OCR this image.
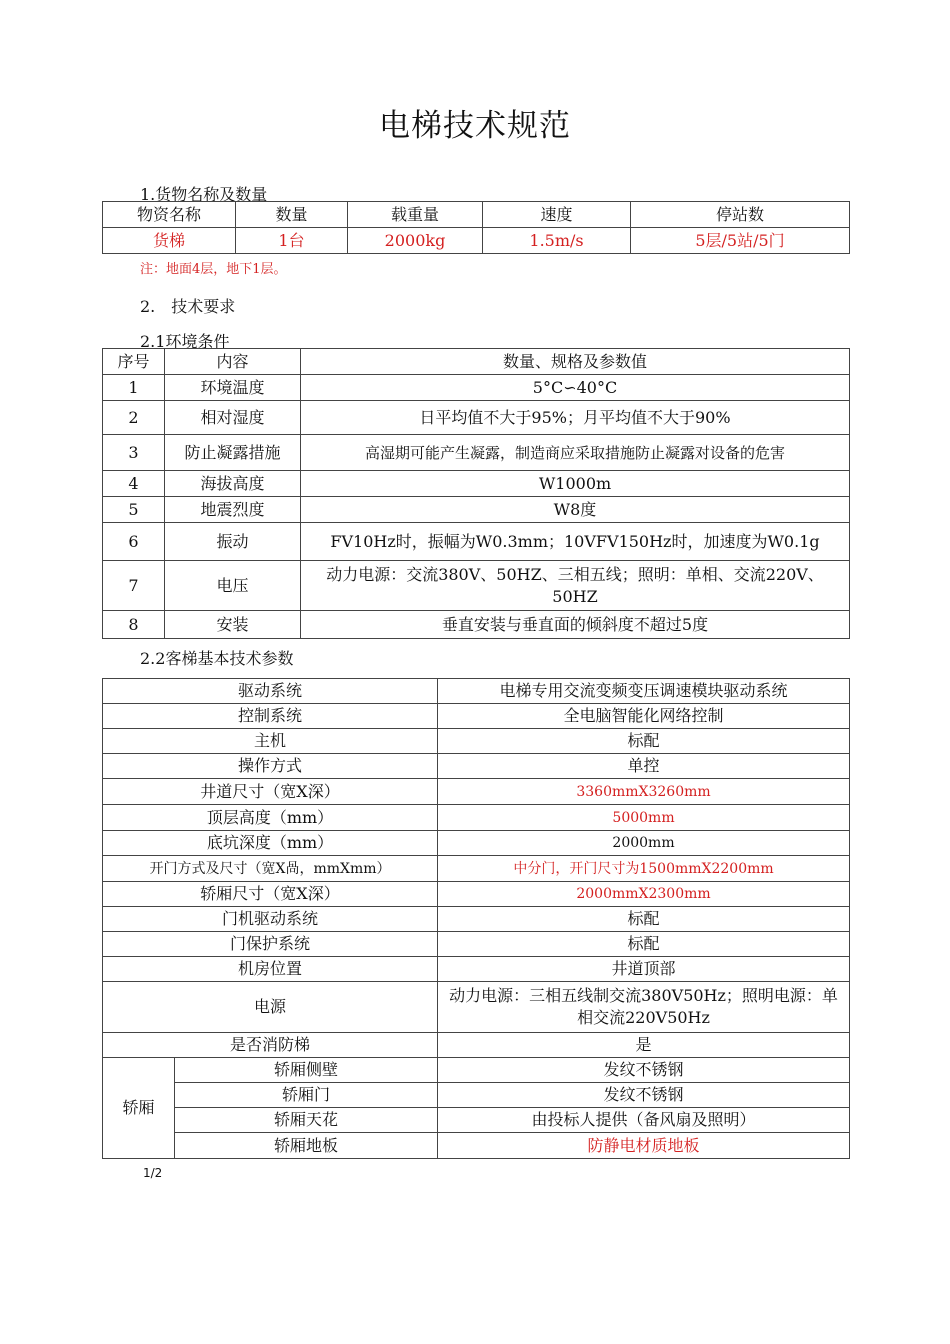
电梯技术规范
1.货物名称及数量
物资名称	数量	载重量	速度	停站数
货梯	1台	2000kg	1.5m/s	5层/5站/5门
注：地面4层，地下1层。
2.　技术要求
2.1环境条件
序号	内容	数量、规格及参数值
1	环境温度	5°C∽40°C
2	相对湿度	日平均值不大于95%；月平均值不大于90%
3	防止凝露措施	高湿期可能产生凝露，制造商应采取措施防止凝露对设备的危害
4	海拔高度	W1000m
5	地震烈度	W8度
6	振动	FV10Hz时，振幅为W0.3mm；10VFV150Hz时，加速度为W0.1g
7	电压	动力电源：交流380V、50HZ、三相五线；照明：单相、交流220V、50HZ
8	安装	垂直安装与垂直面的倾斜度不超过5度
2.2客梯基本技术参数
驱动系统		电梯专用交流变频变压调速模块驱动系统
控制系统		全电脑智能化网络控制
主机		标配
操作方式		单控
井道尺寸（宽X深）		3360mmX3260mm
顶层高度（mm）		5000mm
底坑深度（mm）		2000mm
开门方式及尺寸（宽X咼，mmXmm）		中分门，开门尺寸为1500mmX2200mm
轿厢尺寸（宽X深）		2000mmX2300mm
门机驱动系统		标配
门保护系统		标配
机房位置		井道顶部
电源		动力电源：三相五线制交流380V50Hz；照明电源：单相交流220V50Hz
是否消防梯		是
轿厢	轿厢侧壁	发纹不锈钢
	轿厢门	发纹不锈钢
	轿厢天花	由投标人提供（备风扇及照明）
	轿厢地板	防静电材质地板
1/2
